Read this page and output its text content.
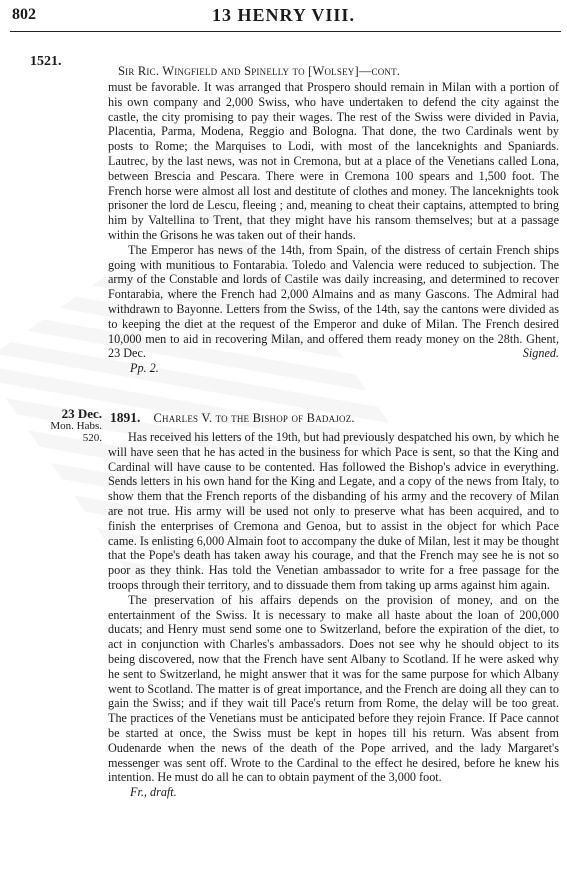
802	13 HENRY VIII.
1521.
Sir Ric. Wingfield and Spinelly to [Wolsey]—cont.

must be favorable. It was arranged that Prospero should remain in Milan with a portion of his own company and 2,000 Swiss, who have undertaken to defend the city against the castle, the city promising to pay their wages. The rest of the Swiss were divided in Pavia, Placentia, Parma, Modena, Reggio and Bologna. That done, the two Cardinals went by posts to Rome; the Marquises to Lodi, with most of the lanceknights and Spaniards. Lautrec, by the last news, was not in Cremona, but at a place of the Venetians called Lona, between Brescia and Pescara. There were in Cremona 100 spears and 1,500 foot. The French horse were almost all lost and destitute of clothes and money. The lanceknights took prisoner the lord de Lescu, fleeing ; and, meaning to cheat their captains, attempted to bring him by Valtellina to Trent, that they might have his ransom themselves; but at a passage within the Grisons he was taken out of their hands.

The Emperor has news of the 14th, from Spain, of the distress of certain French ships going with munitious to Fontarabia. Toledo and Valencia were reduced to subjection. The army of the Constable and lords of Castile was daily increasing, and determined to recover Fontarabia, where the French had 2,000 Almains and as many Gascons. The Admiral had withdrawn to Bayonne. Letters from the Swiss, of the 14th, say the cantons were divided as to keeping the diet at the request of the Emperor and duke of Milan. The French desired 10,000 men to aid in recovering Milan, and offered them ready money on the 28th. Ghent, 23 Dec.	Signed.
Pp. 2.
23 Dec.
Mon. Habs.
520.
1891. Charles V. to the Bishop of Badajoz.

Has received his letters of the 19th, but had previously despatched his own, by which he will have seen that he has acted in the business for which Pace is sent, so that the King and Cardinal will have cause to be contented. Has followed the Bishop's advice in everything. Sends letters in his own hand for the King and Legate, and a copy of the news from Italy, to show them that the French reports of the disbanding of his army and the recovery of Milan are not true. His army will be used not only to preserve what has been acquired, and to finish the enterprises of Cremona and Genoa, but to assist in the object for which Pace came. Is enlisting 6,000 Almain foot to accompany the duke of Milan, lest it may be thought that the Pope's death has taken away his courage, and that the French may see he is not so poor as they think. Has told the Venetian ambassador to write for a free passage for the troops through their territory, and to dissuade them from taking up arms against him again.

The preservation of his affairs depends on the provision of money, and on the entertainment of the Swiss. It is necessary to make all haste about the loan of 200,000 ducats; and Henry must send some one to Switzerland, before the expiration of the diet, to act in conjunction with Charles's ambassadors. Does not see why he should object to its being discovered, now that the French have sent Albany to Scotland. If he were asked why he sent to Switzerland, he might answer that it was for the same purpose for which Albany went to Scotland. The matter is of great importance, and the French are doing all they can to gain the Swiss; and if they wait till Pace's return from Rome, the delay will be too great. The practices of the Venetians must be anticipated before they rejoin France. If Pace cannot be started at once, the Swiss must be kept in hopes till his return. Was absent from Oudenarde when the news of the death of the Pope arrived, and the lady Margaret's messenger was sent off. Wrote to the Cardinal to the effect he desired, before he knew his intention. He must do all he can to obtain payment of the 3,000 foot.

Fr., draft.
